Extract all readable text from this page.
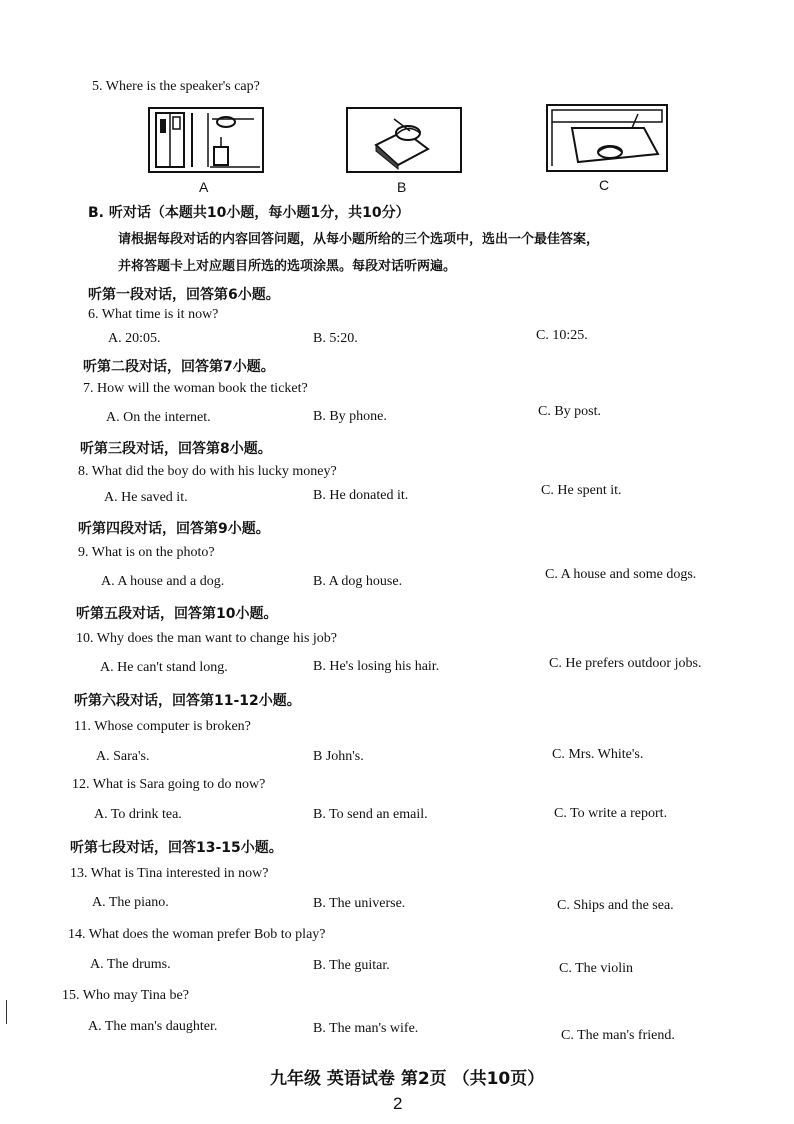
5. Where is the speaker's cap?
A	B	C
B. 听对话（本题共10小题，每小题1分，共10分）
请根据每段对话的内容回答问题，从每小题所给的三个选项中，选出一个最佳答案，
并将答题卡上对应题目所选的选项涂黑。每段对话听两遍。
听第一段对话，回答第6小题。
6. What time is it now?
A. 20:05.	B. 5:20.	C. 10:25.
听第二段对话，回答第7小题。
7. How will the woman book the ticket?
A. On the internet.	B. By phone.	C. By post.
听第三段对话，回答第8小题。
8. What did the boy do with his lucky money?
A. He saved it.	B. He donated it.	C. He spent it.
听第四段对话，回答第9小题。
9. What is on the photo?
A. A house and a dog.	B. A dog house.	C. A house and some dogs.
听第五段对话，回答第10小题。
10. Why does the man want to change his job?
A. He can't stand long.	B. He's losing his hair.	C. He prefers outdoor jobs.
听第六段对话，回答第11-12小题。
11. Whose computer is broken?
A. Sara's.	B John's.	C. Mrs. White's.
12. What is Sara going to do now?
A. To drink tea.	B. To send an email.	C. To write a report.
听第七段对话，回答13-15小题。
13. What is Tina interested in now?
A. The piano.	B. The universe.	C. Ships and the sea.
14. What does the woman prefer Bob to play?
A. The drums.	B. The guitar.	C. The violin
15. Who may Tina be?
A. The man's daughter.	B. The man's wife.	C. The man's friend.
九年级 英语试卷 第2页 （共10页）
2
